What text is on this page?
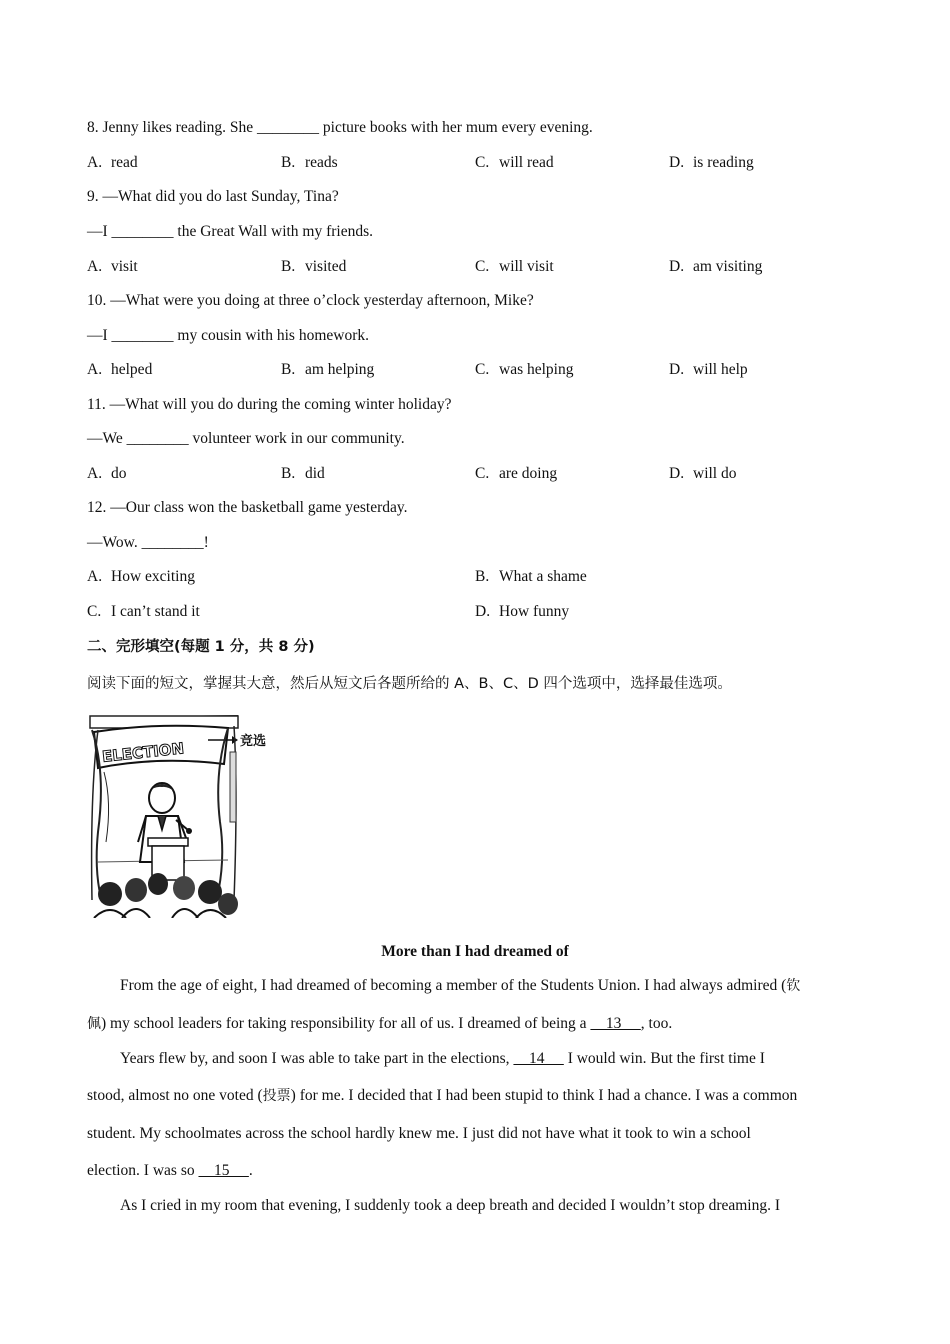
8. Jenny likes reading. She ________ picture books with her mum every evening.
A. read	B. reads	C. will read	D. is reading
9. —What did you do last Sunday, Tina?
—I ________ the Great Wall with my friends.
A. visit	B. visited	C. will visit	D. am visiting
10. —What were you doing at three o’clock yesterday afternoon, Mike?
—I ________ my cousin with his homework.
A. helped	B. am helping	C. was helping	D. will help
11. —What will you do during the coming winter holiday?
—We ________ volunteer work in our community.
A. do	B. did	C. are doing	D. will do
12. —Our class won the basketball game yesterday.
—Wow. ________!
A. How exciting	B. What a shame
C. I can’t stand it	D. How funny
二、完形填空(每题 1 分，共 8 分)
阅读下面的短文，掌握其大意，然后从短文后各题所给的 A、B、C、D 四个选项中，选择最佳选项。
ELECTION	竞选
More than I had dreamed of
From the age of eight, I had dreamed of becoming a member of the Students Union. I had always admired (钦
佩) my school leaders for taking responsibility for all of us. I dreamed of being a     13     , too.
Years flew by, and soon I was able to take part in the elections,     14      I would win. But the first time I
stood, almost no one voted (投票) for me. I decided that I had been stupid to think I had a chance. I was a common
student. My schoolmates across the school hardly knew me. I just did not have what it took to win a school
election. I was so     15     .
As I cried in my room that evening, I suddenly took a deep breath and decided I wouldn’t stop dreaming. I
